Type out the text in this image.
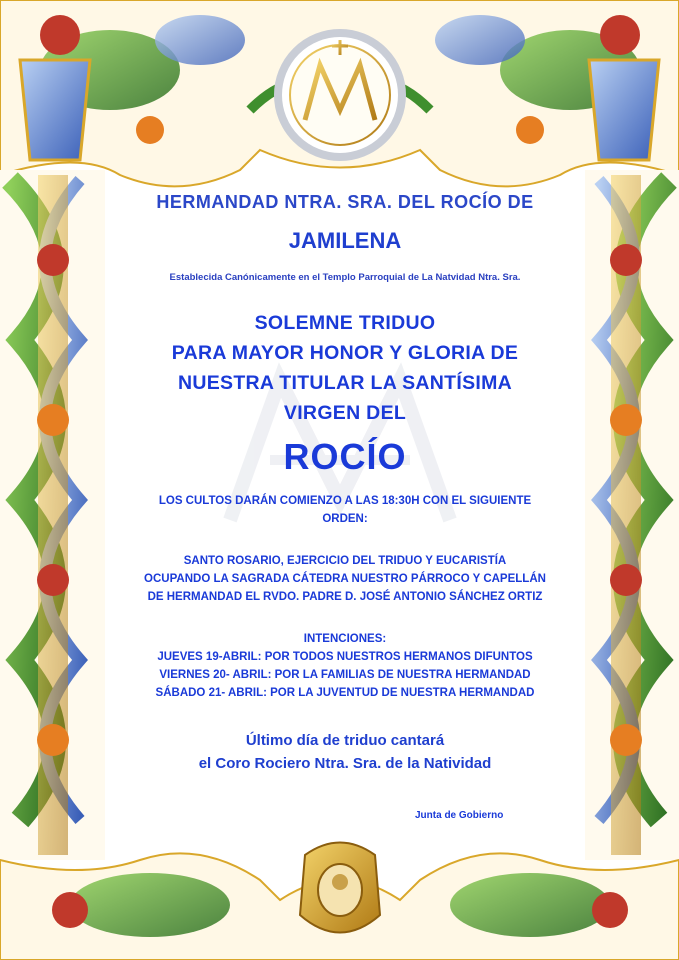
HERMANDAD NTRA. SRA. DEL ROCÍO DE

JAMILENA

Establecida Canónicamente en el Templo Parroquial de La Natvidad Ntra. Sra.

SOLEMNE TRIDUO

PARA MAYOR HONOR Y GLORIA DE

NUESTRA TITULAR LA SANTÍSIMA

VIRGEN DEL

ROCÍO

LOS CULTOS DARÁN COMIENZO A LAS 18:30H CON EL SIGUIENTE

ORDEN:

SANTO ROSARIO, EJERCICIO DEL TRIDUO Y EUCARISTÍA

OCUPANDO LA SAGRADA CÁTEDRA NUESTRO PÁRROCO Y CAPELLÁN

DE HERMANDAD EL RVDO. PADRE D. JOSÉ ANTONIO SÁNCHEZ ORTIZ

INTENCIONES:

JUEVES 19-ABRIL: POR TODOS NUESTROS HERMANOS DIFUNTOS

VIERNES 20- ABRIL: POR LA FAMILIAS DE NUESTRA HERMANDAD

SÁBADO 21- ABRIL: POR LA JUVENTUD DE NUESTRA HERMANDAD

Último día de triduo cantará

el Coro Rociero Ntra. Sra. de la Natividad

Junta de Gobierno
